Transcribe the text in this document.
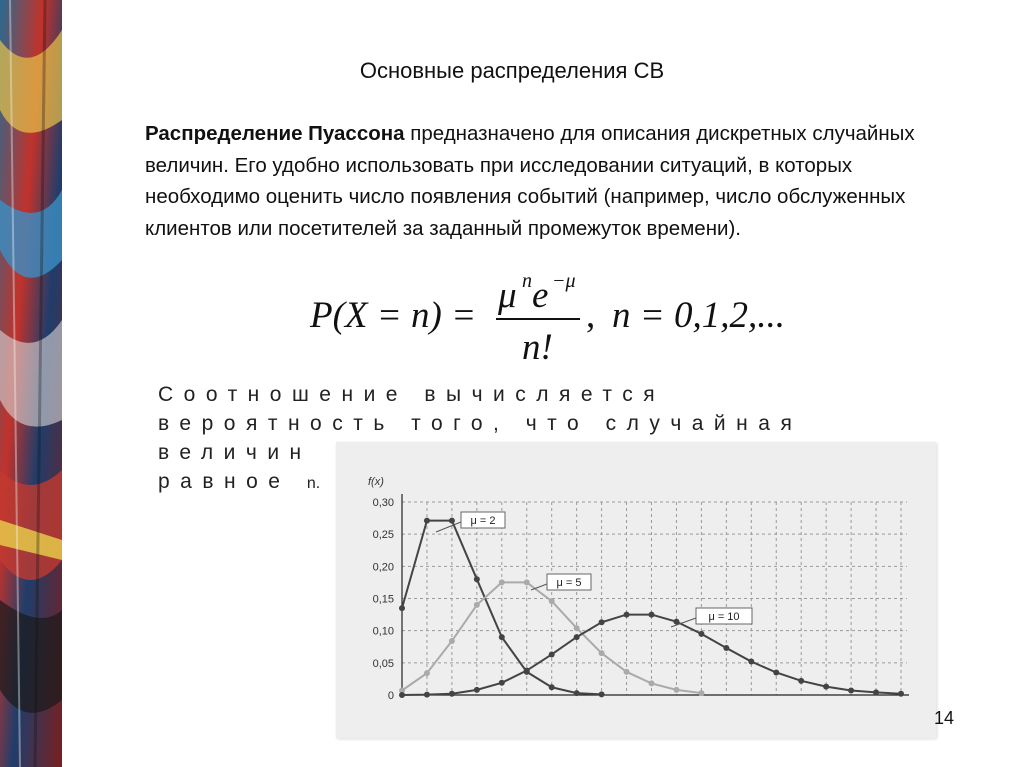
Основные распределения СВ
Распределение Пуассона предназначено для описания дискретных случайных величин. Его удобно использовать при исследовании ситуаций, в которых необходимо оценить число появления событий (например, число обслуженных клиентов или посетителей за заданный промежуток времени).
P(X = n) = μ n e −μ
n!
, n = 0,1,2,...
Соотношение вычисляется
вероятность того, что случайная
величин
равное n.
0,30
0,25
0,20
0,15
0,10
0,05
0
μ = 2
μ = 5
μ = 10
f(x)
14
